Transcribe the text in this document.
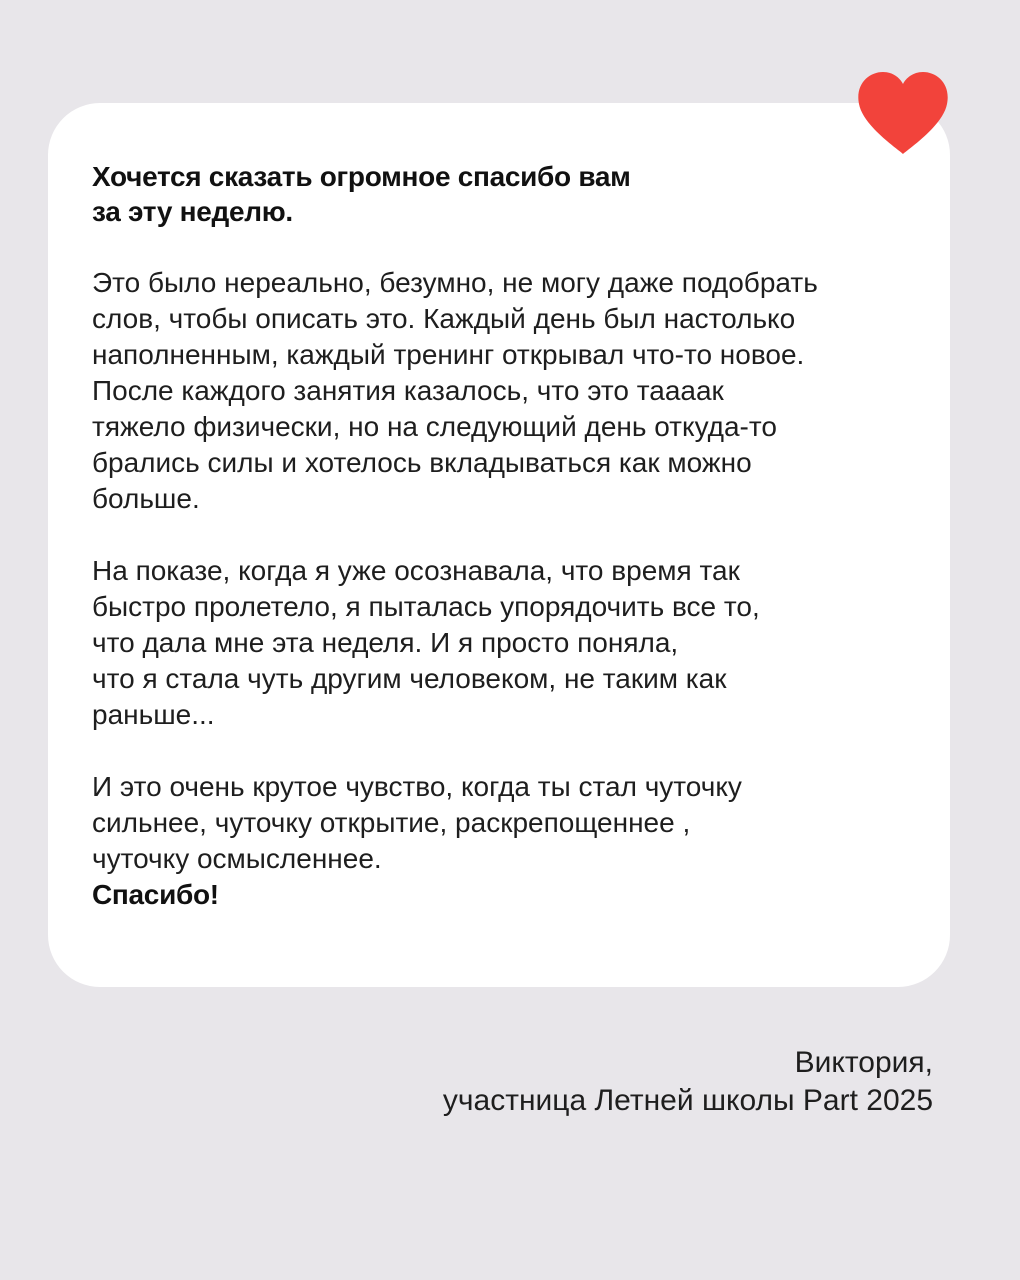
Хочется сказать огромное спасибо вам
за эту неделю.

Это было нереально, безумно, не могу даже подобрать
слов, чтобы описать это. Каждый день был настолько
наполненным, каждый тренинг открывал что-то новое.
После каждого занятия казалось, что это таааак
тяжело физически, но на следующий день откуда-то
брались силы и хотелось вкладываться как можно
больше.

На показе, когда я уже осознавала, что время так
быстро пролетело, я пыталась упорядочить все то,
что дала мне эта неделя. И я просто поняла,
что я стала чуть другим человеком, не таким как
раньше...

И это очень крутое чувство, когда ты стал чуточку
сильнее, чуточку открытие, раскрепощеннее ,
чуточку осмысленнее.

Спасибо!

Виктория,
участница Летней школы Part 2025
